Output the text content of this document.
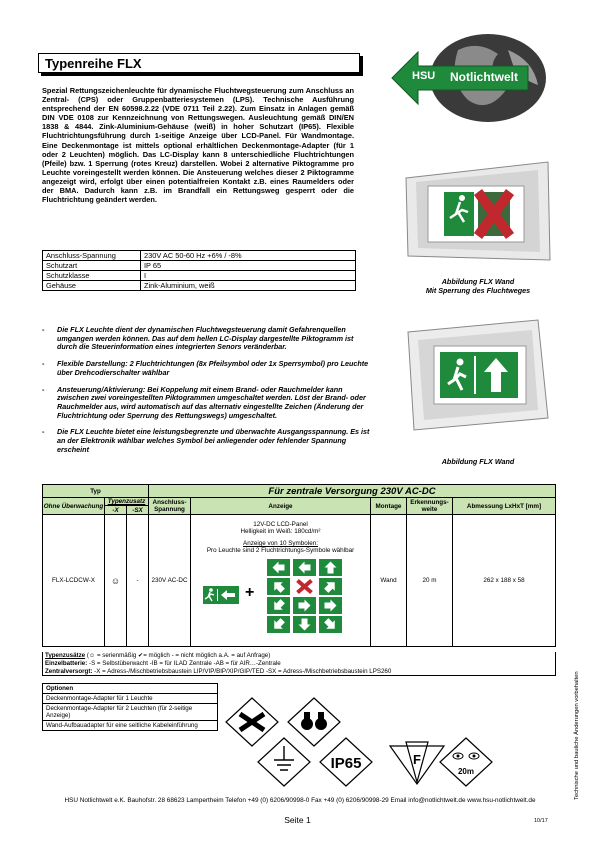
Typenreihe FLX
HSU Notlichtwelt

Spezial Rettungszeichenleuchte für dynamische Fluchtwegsteuerung zum Anschluss an Zentral- (CPS) oder Gruppenbatteriesystemen (LPS). Technische Ausführung entsprechend der EN 60598.2.22 (VDE 0711 Teil 2.22). Zum Einsatz in Anlagen gemäß DIN VDE 0108 zur Kennzeichnung von Rettungswegen. Ausleuchtung gemäß DIN/EN 1838 & 4844. Zink-Aluminium-Gehäuse (weiß) in hoher Schutzart (IP65). Flexible Fluchtrichtungsführung durch 1-seitige Anzeige über LCD-Panel. Für Wandmontage. Eine Deckenmontage ist mittels optional erhältlichen Deckenmontage-Adapter (für 1 oder 2 Leuchten) möglich. Das LC-Display kann 8 unterschiedliche Fluchtrichtungen (Pfeile) bzw. 1 Sperrung (rotes Kreuz) darstellen. Wobei 2 alternative Piktogramme pro Leuchte voreingestellt werden können. Die Ansteuerung welches dieser 2 Piktogramme angezeigt wird, erfolgt über einen potentialfreien Kontakt z.B. eines Raumelders oder der BMA. Dadurch kann z.B. im Brandfall ein Rettungsweg gesperrt oder die Fluchtrichtung geändert werden.

Anschluss-Spannung	230V AC 50-60 Hz +6% / -8%
Schutzart	IP 65
Schutzklasse	I
Gehäuse	Zink-Aluminium, weiß	Abbildung FLX Wand
Mit Sperrung des Fluchtweges
Abbildung FLX Wand
- Die FLX Leuchte dient der dynamischen Fluchtwegsteuerung damit Gefahrenquellen umgangen werden können. Das auf dem hellen LC-Display dargestellte Piktogramm ist durch die Steuerinformation eines integrierten Senors veränderbar.
- Flexible Darstellung: 2 Fluchtrichtungen (8x Pfeilsymbol oder 1x Sperrsymbol) pro Leuchte über Drehcodierschalter wählbar
- Ansteuerung/Aktivierung: Bei Koppelung mit einem Brand- oder Rauchmelder kann zwischen zwei voreingestellten Piktogrammen umgeschaltet werden. Löst der Brand- oder Rauchmelder aus, wird automatisch auf das alternativ eingestellte Zeichen (Änderung der Fluchtrichtung oder Sperrung des Rettungswegs) umgeschaltet.
- Die FLX Leuchte bietet eine leistungsbegrenzte und überwachte Ausgangsspannung. Es ist an der Elektronik wählbar welches Symbol bei anliegender oder fehlender Spannung erscheint
Typ			Für zentrale Versorgung 230V AC-DC				
Ohne Überwachung	Typenzusatz		Anschluss-Spannung	Anzeige	Montage	Erkennungs-weite	Abmessung LxHxT [mm]
	-X	-SX					
FLX-LCDCW-X	☺	-	230V AC-DC	12V-DC LCD-Panel
Helligkeit im Weiß: 180cd/m²
Anzeige von 10 Symbolen:
Pro Leuchte sind 2 Fluchtrichtungs-Symbole wählbar
+	Wand	20 m	262 x 188 x 58
Typenzusätze (☺ = serienmäßig ✔= möglich - = nicht möglich a.A. = auf Anfrage)
Einzelbatterie: -S = Selbstüberwacht -IB = für ILAD Zentrale -AB = für AIR…-Zentrale
Zentralversorgt: -X = Adress-/Mischbetriebsbaustein LIP/VIP/BIP/XIP/GIP/TED -SX = Adress-/Mischbetriebsbaustein LPS260
Optionen
Deckenmontage-Adapter für 1 Leuchte
Deckenmontage-Adapter für 2 Leuchten (für 2-seitige Anzeige)
Wand-Aufbauadapter für eine seitliche Kabeleinführung
IP65	F
20m	Technische und bauliche Änderungen vorbehalten
HSU Notlichtwelt e.K. Bauhofstr. 28 68623 Lampertheim Telefon +49 (0) 6206/90998-0 Fax +49 (0) 6206/90998-29 Email info@notlichtwelt.de www.hsu-notlichtwelt.de
Seite 1	10/17
